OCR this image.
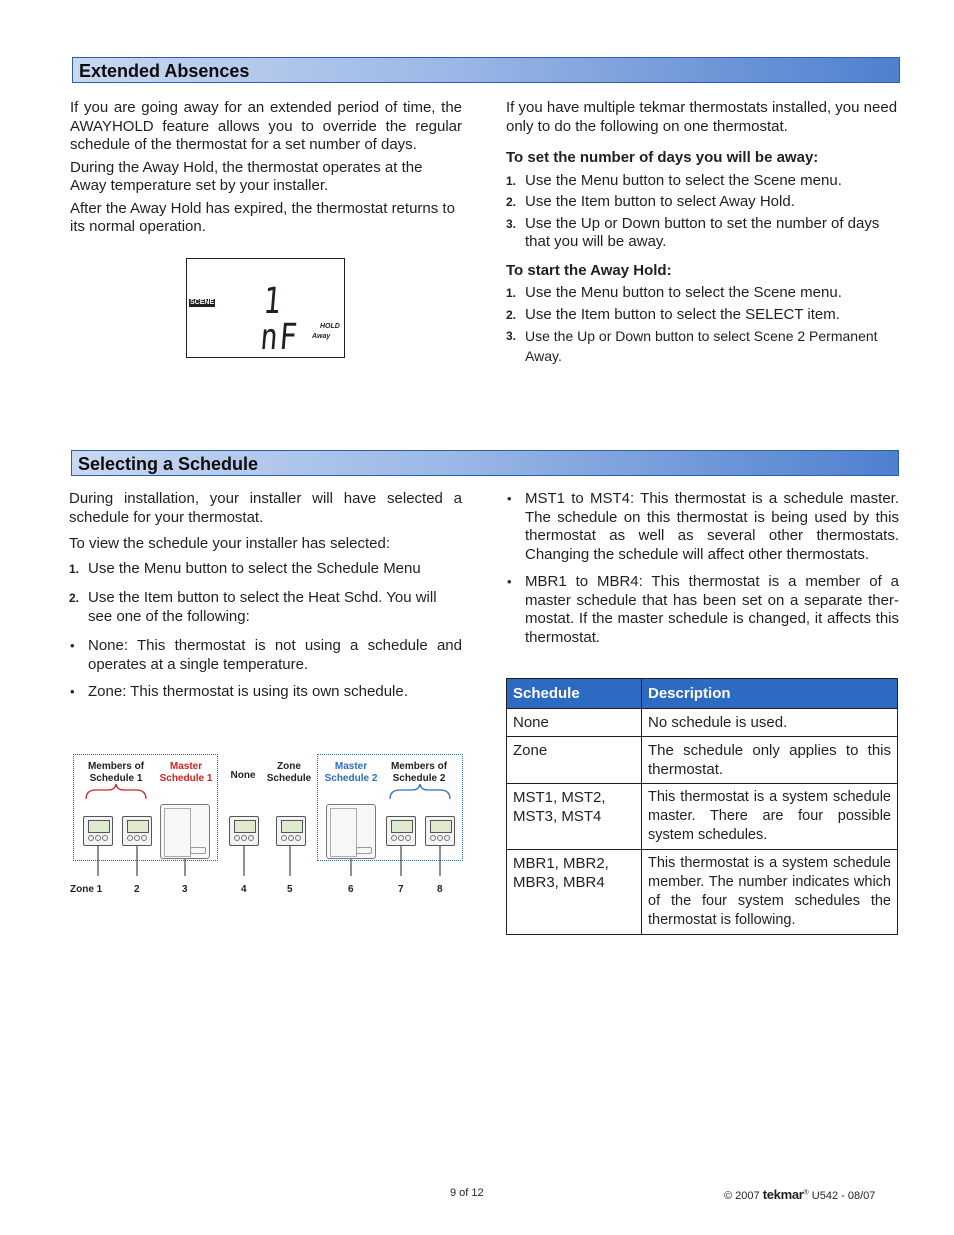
Extended Absences

If you are going away for an extended period of time, the AWAYHOLD feature allows you to override the regular schedule of the thermostat for a set number of days.

During the Away Hold, the thermostat operates at the Away temperature set by your installer.

After the Away Hold has expired, the thermostat returns to its normal operation.

SCENE 1 nF	HOLD
Away

If you have multiple tekmar thermostats installed, you need only to do the following on one thermostat.

To set the number of days you will be away:
1. Use the Menu button to select the Scene menu.
2. Use the Item button to select Away Hold.
3. Use the Up or Down button to set the number of days that you will be away.
To start the Away Hold:
1. Use the Menu button to select the Scene menu.
2. Use the Item button to select the SELECT item.
3. Use the Up or Down button to select Scene 2 Permanent Away.
Selecting a Schedule

During installation, your installer will have selected a schedule for your thermostat.

To view the schedule your installer has selected:

1. Use the Menu button to select the Schedule Menu
2. Use the Item button to select the Heat Schd. You will see one of the following:
• None: This thermostat is not using a schedule and operates at a single temperature.
• Zone: This thermostat is using its own schedule.
• MST1 to MST4: This thermostat is a schedule master. The schedule on this thermostat is being used by this thermostat as well as several other thermostats. Changing the schedule will affect other thermostats.
• MBR1 to MBR4: This thermostat is a member of a master schedule that has been set on a separate ther-mostat. If the master schedule is changed, it affects this thermostat.
Members of Schedule 1
Master Schedule 1	None
Zone Schedule
Master Schedule 2
Members of Schedule 2
Zone 1	2	3	4	5	6	7	8
Schedule	Description
None	No schedule is used.
Zone	The schedule only applies to this thermostat.
MST1, MST2, MST3, MST4	This thermostat is a system schedule master. There are four possible system schedules.
MBR1, MBR2, MBR3, MBR4	This thermostat is a system schedule member. The number indicates which of the four system schedules the thermostat is following.
9 of 12	© 2007 tekmar® U542 - 08/07
